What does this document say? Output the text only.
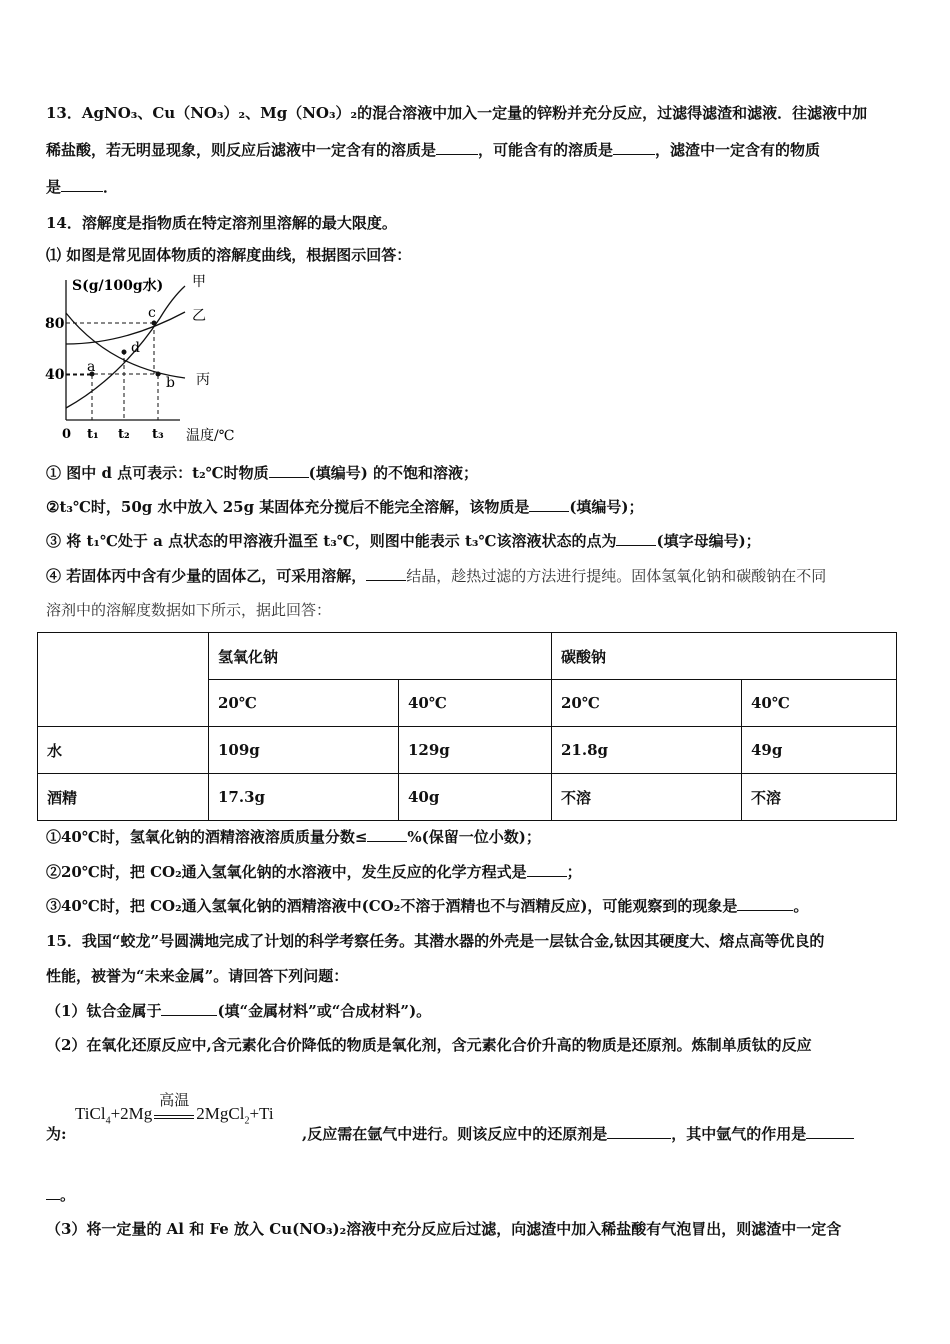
13．AgNO₃、Cu（NO₃）₂、Mg（NO₃）₂的混合溶液中加入一定量的锌粉并充分反应，过滤得滤渣和滤液．往滤液中加
稀盐酸，若无明显现象，则反应后滤液中一定含有的溶质是	，可能含有的溶质是	，滤渣中一定含有的物质
是	．
14．溶解度是指物质在特定溶剂里溶解的最大限度。
⑴ 如图是常见固体物质的溶解度曲线，根据图示回答：
S(g/100g水)
80
40
0 t₁ t₂ t₃ 温度/℃
甲
乙
丙
a
c
d
b
① 图中 d 点可表示：t₂℃时物质	(填编号) 的不饱和溶液；
②t₃℃时，50g 水中放入 25g 某固体充分搅后不能完全溶解，该物质是	(填编号)；
③ 将 t₁℃处于 a 点状态的甲溶液升温至 t₃℃，则图中能表示 t₃℃该溶液状态的点为	(填字母编号)；
④ 若固体丙中含有少量的固体乙，可采用溶解，	结晶，趁热过滤的方法进行提纯。固体氢氧化钠和碳酸钠在不同
溶剂中的溶解度数据如下所示，据此回答：
	氢氧化钠		碳酸钠	
	20℃	40℃	20℃	40℃
水	109g	129g	21.8g	49g
酒精	17.3g	40g	不溶	不溶
①40℃时，氢氧化钠的酒精溶液溶质质量分数≤	%(保留一位小数)；
②20℃时，把 CO₂通入氢氧化钠的水溶液中，发生反应的化学方程式是	；
③40℃时，把 CO₂通入氢氧化钠的酒精溶液中(CO₂不溶于酒精也不与酒精反应)，可能观察到的现象是	。
15．我国“蛟龙”号圆满地完成了计划的科学考察任务。其潜水器的外壳是一层钛合金,钛因其硬度大、熔点高等优良的
性能，被誉为“未来金属”。请回答下列问题：
（1）钛合金属于	(填“金属材料”或“合成材料”)。
（2）在氧化还原反应中,含元素化合价降低的物质是氧化剂，含元素化合价升高的物质是还原剂。炼制单质钛的反应
为:
TiCl$_4$+2Mg
高温
2MgCl$_2$+Ti
,反应需在氩气中进行。则该反应中的还原剂是	，其中氩气的作用是
。
（3）将一定量的 Al 和 Fe 放入 Cu(NO₃)₂溶液中充分反应后过滤，向滤渣中加入稀盐酸有气泡冒出，则滤渣中一定含
